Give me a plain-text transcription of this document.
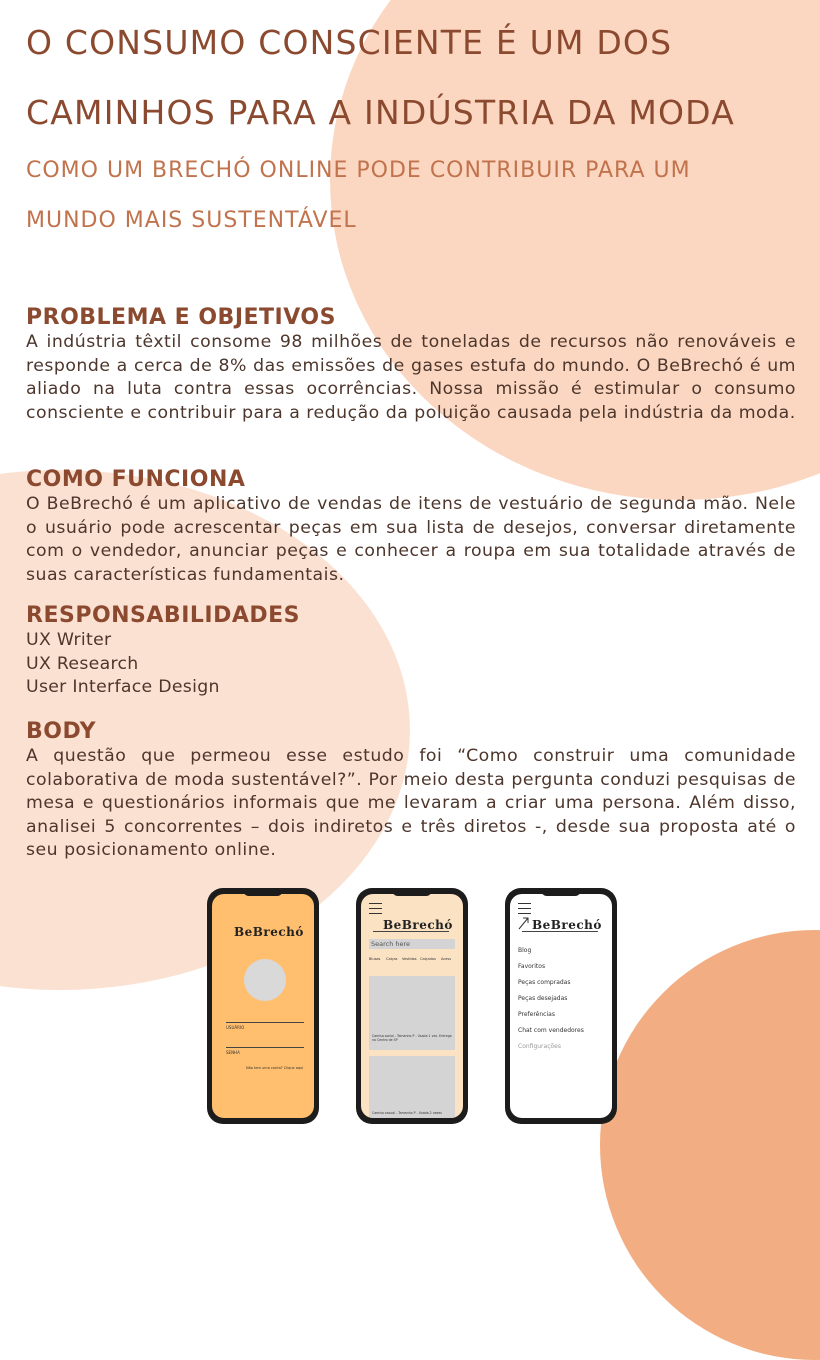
O CONSUMO CONSCIENTE É UM DOS CAMINHOS PARA A INDÚSTRIA DA MODA
COMO UM BRECHÓ ONLINE PODE CONTRIBUIR PARA UM MUNDO MAIS SUSTENTÁVEL
PROBLEMA E OBJETIVOS

A indústria têxtil consome 98 milhões de toneladas de recursos não renováveis e responde a cerca de 8% das emissões de gases estufa do mundo. O BeBrechó é um aliado na luta contra essas ocorrências. Nossa missão é estimular o consumo consciente e contribuir para a redução da poluição causada pela indústria da moda.

COMO FUNCIONA

O BeBrechó é um aplicativo de vendas de itens de vestuário de segunda mão. Nele o usuário pode acrescentar peças em sua lista de desejos, conversar diretamente com o vendedor, anunciar peças e conhecer a roupa em sua totalidade através de suas características fundamentais.

RESPONSABILIDADES
UX Writer
UX Research
User Interface Design
BODY

A questão que permeou esse estudo foi “Como construir uma comunidade colaborativa de moda sustentável?”. Por meio desta pergunta conduzi pesquisas de mesa e questionários informais que me levaram a criar uma persona. Além disso, analisei 5 concorrentes – dois indiretos e três diretos -, desde sua proposta até o seu posicionamento online.

BeBrechó
USUÁRIO
SENHA
Não tem uma conta? Clique aqui
BeBrechó
Search here
Blusas Calças Vestidos Calçados Acess
Camisa social - Tamanho P - Usada 1 vez. Entrega no Centro de SP
Camisa casual - Tamanho P - Usada 2 vezes
BeBrechó
Blog
Favoritos
Peças compradas
Peças desejadas
Preferências
Chat com vendedores
Configurações
